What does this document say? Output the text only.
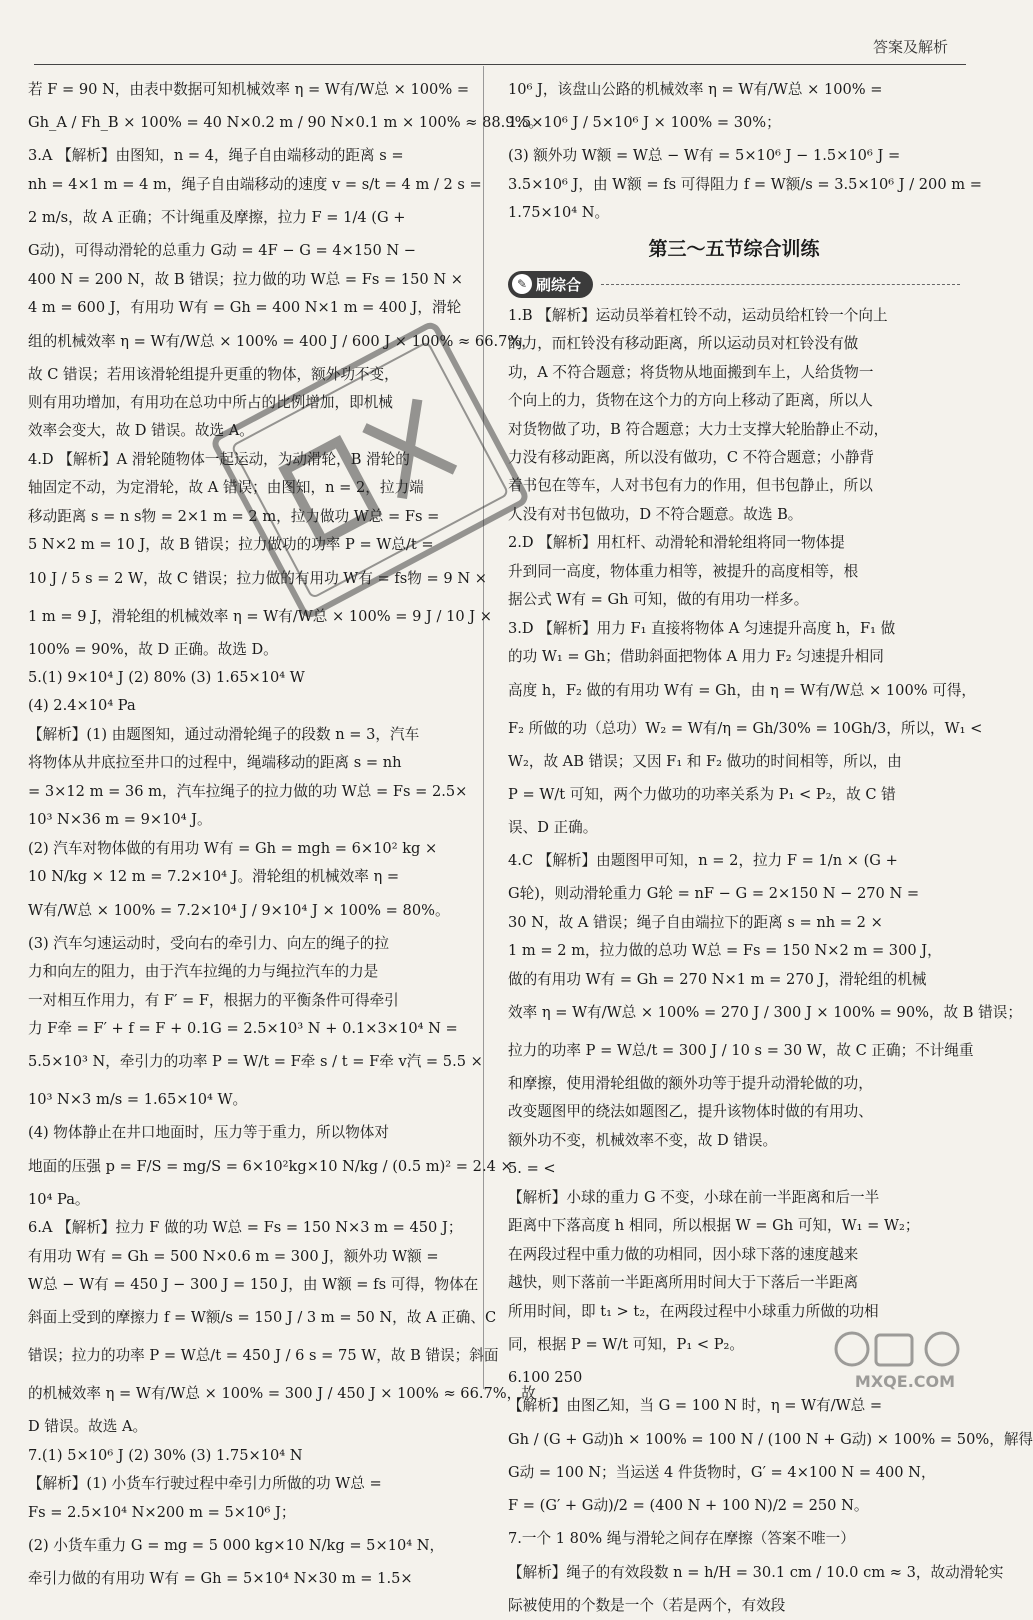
答案及解析
若 F = 90 N，由表中数据可知机械效率 η = W有/W总 × 100% =
Gh_A / Fh_B × 100% = 40 N×0.2 m / 90 N×0.1 m × 100% ≈ 88.9%。
3.A 【解析】由图知，n = 4，绳子自由端移动的距离 s =
nh = 4×1 m = 4 m，绳子自由端移动的速度 v = s/t = 4 m / 2 s =
2 m/s，故 A 正确；不计绳重及摩擦，拉力 F = 1/4 (G +
G动)，可得动滑轮的总重力 G动 = 4F − G = 4×150 N −
400 N = 200 N，故 B 错误；拉力做的功 W总 = Fs = 150 N ×
4 m = 600 J，有用功 W有 = Gh = 400 N×1 m = 400 J，滑轮
组的机械效率 η = W有/W总 × 100% = 400 J / 600 J × 100% ≈ 66.7%，
故 C 错误；若用该滑轮组提升更重的物体，额外功不变，
则有用功增加，有用功在总功中所占的比例增加，即机械
效率会变大，故 D 错误。故选 A。
4.D 【解析】A 滑轮随物体一起运动，为动滑轮，B 滑轮的
轴固定不动，为定滑轮，故 A 错误；由图知，n = 2，拉力端
移动距离 s = n s物 = 2×1 m = 2 m，拉力做功 W总 = Fs =
5 N×2 m = 10 J，故 B 错误；拉力做功的功率 P = W总/t =
10 J / 5 s = 2 W，故 C 错误；拉力做的有用功 W有 = fs物 = 9 N ×
1 m = 9 J，滑轮组的机械效率 η = W有/W总 × 100% = 9 J / 10 J ×
100% = 90%，故 D 正确。故选 D。
5.(1) 9×10⁴ J (2) 80% (3) 1.65×10⁴ W
(4) 2.4×10⁴ Pa
【解析】(1) 由题图知，通过动滑轮绳子的段数 n = 3，汽车
将物体从井底拉至井口的过程中，绳端移动的距离 s = nh
= 3×12 m = 36 m，汽车拉绳子的拉力做的功 W总 = Fs = 2.5×
10³ N×36 m = 9×10⁴ J。
(2) 汽车对物体做的有用功 W有 = Gh = mgh = 6×10² kg ×
10 N/kg × 12 m = 7.2×10⁴ J。滑轮组的机械效率 η =
W有/W总 × 100% = 7.2×10⁴ J / 9×10⁴ J × 100% = 80%。
(3) 汽车匀速运动时，受向右的牵引力、向左的绳子的拉
力和向左的阻力，由于汽车拉绳的力与绳拉汽车的力是
一对相互作用力，有 F′ = F，根据力的平衡条件可得牵引
力 F牵 = F′ + f = F + 0.1G = 2.5×10³ N + 0.1×3×10⁴ N =
5.5×10³ N，牵引力的功率 P = W/t = F牵 s / t = F牵 v汽 = 5.5 ×
10³ N×3 m/s = 1.65×10⁴ W。
(4) 物体静止在井口地面时，压力等于重力，所以物体对
地面的压强 p = F/S = mg/S = 6×10²kg×10 N/kg / (0.5 m)² = 2.4 ×
10⁴ Pa。
6.A 【解析】拉力 F 做的功 W总 = Fs = 150 N×3 m = 450 J；
有用功 W有 = Gh = 500 N×0.6 m = 300 J，额外功 W额 =
W总 − W有 = 450 J − 300 J = 150 J，由 W额 = fs 可得，物体在
斜面上受到的摩擦力 f = W额/s = 150 J / 3 m = 50 N，故 A 正确、C
错误；拉力的功率 P = W总/t = 450 J / 6 s = 75 W，故 B 错误；斜面
的机械效率 η = W有/W总 × 100% = 300 J / 450 J × 100% ≈ 66.7%，故
D 错误。故选 A。
7.(1) 5×10⁶ J (2) 30% (3) 1.75×10⁴ N
【解析】(1) 小货车行驶过程中牵引力所做的功 W总 =
Fs = 2.5×10⁴ N×200 m = 5×10⁶ J；
(2) 小货车重力 G = mg = 5 000 kg×10 N/kg = 5×10⁴ N，
牵引力做的有用功 W有 = Gh = 5×10⁴ N×30 m = 1.5×
10⁶ J，该盘山公路的机械效率 η = W有/W总 × 100% =
1.5×10⁶ J / 5×10⁶ J × 100% = 30%；
(3) 额外功 W额 = W总 − W有 = 5×10⁶ J − 1.5×10⁶ J =
3.5×10⁶ J，由 W额 = fs 可得阻力 f = W额/s = 3.5×10⁶ J / 200 m =
1.75×10⁴ N。
第三～五节综合训练
✎ 刷综合
1.B 【解析】运动员举着杠铃不动，运动员给杠铃一个向上
的力，而杠铃没有移动距离，所以运动员对杠铃没有做
功，A 不符合题意；将货物从地面搬到车上，人给货物一
个向上的力，货物在这个力的方向上移动了距离，所以人
对货物做了功，B 符合题意；大力士支撑大轮胎静止不动，
力没有移动距离，所以没有做功，C 不符合题意；小静背
着书包在等车，人对书包有力的作用，但书包静止，所以
人没有对书包做功，D 不符合题意。故选 B。
2.D 【解析】用杠杆、动滑轮和滑轮组将同一物体提
升到同一高度，物体重力相等，被提升的高度相等，根
据公式 W有 = Gh 可知，做的有用功一样多。
3.D 【解析】用力 F₁ 直接将物体 A 匀速提升高度 h，F₁ 做
的功 W₁ = Gh；借助斜面把物体 A 用力 F₂ 匀速提升相同
高度 h，F₂ 做的有用功 W有 = Gh，由 η = W有/W总 × 100% 可得，
F₂ 所做的功（总功）W₂ = W有/η = Gh/30% = 10Gh/3，所以，W₁ <
W₂，故 AB 错误；又因 F₁ 和 F₂ 做功的时间相等，所以，由
P = W/t 可知，两个力做功的功率关系为 P₁ < P₂，故 C 错
误、D 正确。
4.C 【解析】由题图甲可知，n = 2，拉力 F = 1/n × (G +
G轮)，则动滑轮重力 G轮 = nF − G = 2×150 N − 270 N =
30 N，故 A 错误；绳子自由端拉下的距离 s = nh = 2 ×
1 m = 2 m，拉力做的总功 W总 = Fs = 150 N×2 m = 300 J，
做的有用功 W有 = Gh = 270 N×1 m = 270 J，滑轮组的机械
效率 η = W有/W总 × 100% = 270 J / 300 J × 100% = 90%，故 B 错误；
拉力的功率 P = W总/t = 300 J / 10 s = 30 W，故 C 正确；不计绳重
和摩擦，使用滑轮组做的额外功等于提升动滑轮做的功，
改变题图甲的绕法如题图乙，提升该物体时做的有用功、
额外功不变，机械效率不变，故 D 错误。
5. = <
【解析】小球的重力 G 不变，小球在前一半距离和后一半
距离中下落高度 h 相同，所以根据 W = Gh 可知，W₁ = W₂；
在两段过程中重力做的功相同，因小球下落的速度越来
越快，则下落前一半距离所用时间大于下落后一半距离
所用时间，即 t₁ > t₂，在两段过程中小球重力所做的功相
同，根据 P = W/t 可知，P₁ < P₂。
6.100 250
【解析】由图乙知，当 G = 100 N 时，η = W有/W总 =
Gh / (G + G动)h × 100% = 100 N / (100 N + G动) × 100% = 50%，解得
G动 = 100 N；当运送 4 件货物时，G′ = 4×100 N = 400 N，
F = (G′ + G动)/2 = (400 N + 100 N)/2 = 250 N。
7.一个 1 80% 绳与滑轮之间存在摩擦（答案不唯一）
【解析】绳子的有效段数 n = h/H = 30.1 cm / 10.0 cm ≈ 3，故动滑轮实
际被使用的个数是一个（若是两个，有效段
MXQE.COM
